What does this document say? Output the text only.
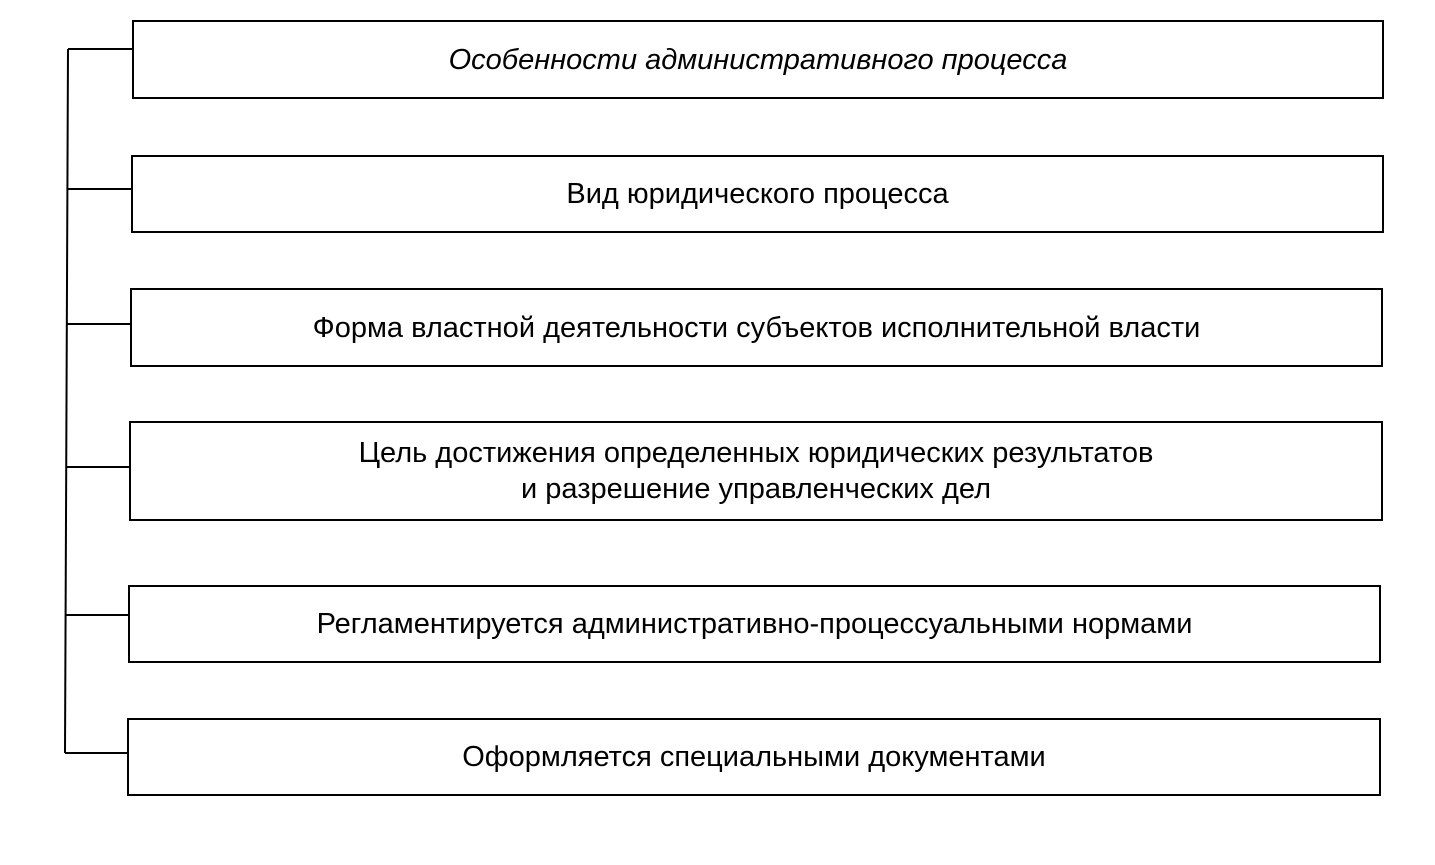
Особенности административного процесса
Вид юридического процесса
Форма властной деятельности субъектов исполнительной власти
Цель достижения определенных юридических результатов
и разрешение управленческих дел
Регламентируется административно-процессуальными нормами
Оформляется специальными документами
